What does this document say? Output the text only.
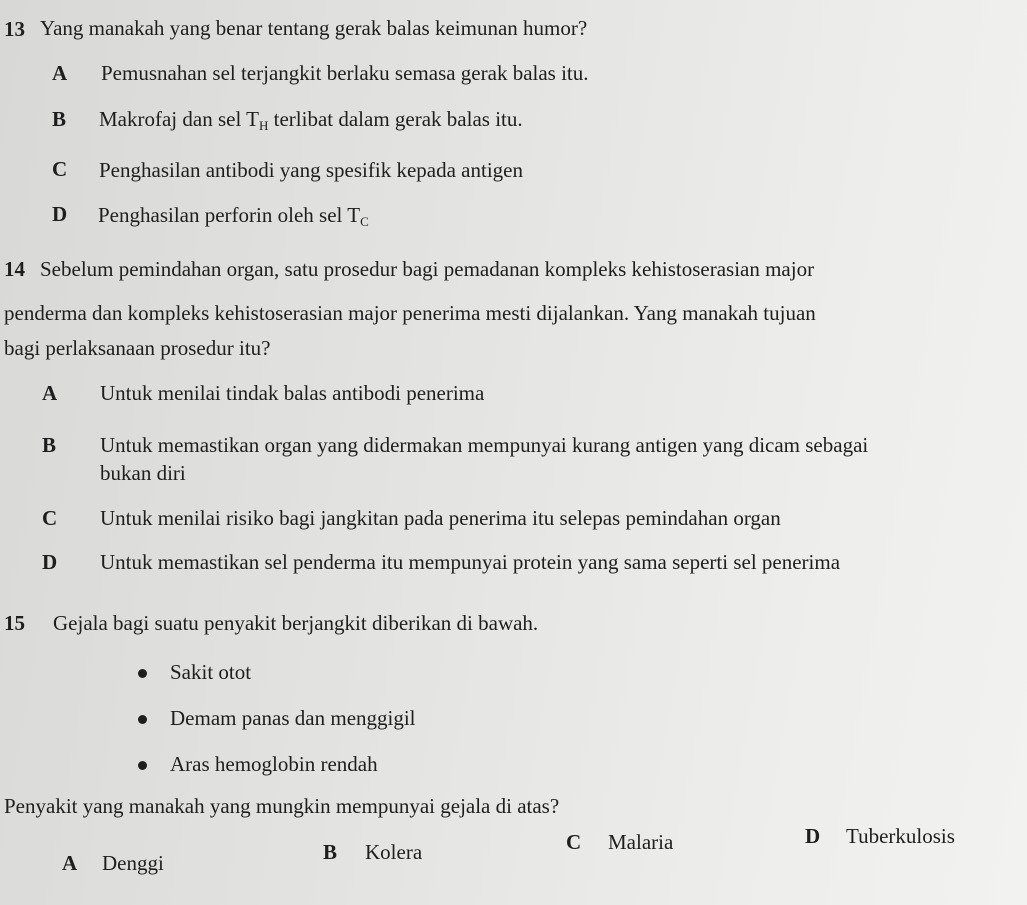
13 Yang manakah yang benar tentang gerak balas keimunan humor?
A Pemusnahan sel terjangkit berlaku semasa gerak balas itu.
B Makrofaj dan sel $T_H$ terlibat dalam gerak balas itu.
C Penghasilan antibodi yang spesifik kepada antigen
D Penghasilan perforin oleh sel $T_C$
14 Sebelum pemindahan organ, satu prosedur bagi pemadanan kompleks kehistoserasian major
penderma dan kompleks kehistoserasian major penerima mesti dijalankan. Yang manakah tujuan
bagi perlaksanaan prosedur itu?
A Untuk menilai tindak balas antibodi penerima
B Untuk memastikan organ yang didermakan mempunyai kurang antigen yang dicam sebagai
bukan diri
C Untuk menilai risiko bagi jangkitan pada penerima itu selepas pemindahan organ
D Untuk memastikan sel penderma itu mempunyai protein yang sama seperti sel penerima
15 Gejala bagi suatu penyakit berjangkit diberikan di bawah.
Sakit otot
Demam panas dan menggigil
Aras hemoglobin rendah
Penyakit yang manakah yang mungkin mempunyai gejala di atas?
A Denggi	B Kolera	C Malaria	D Tuberkulosis
